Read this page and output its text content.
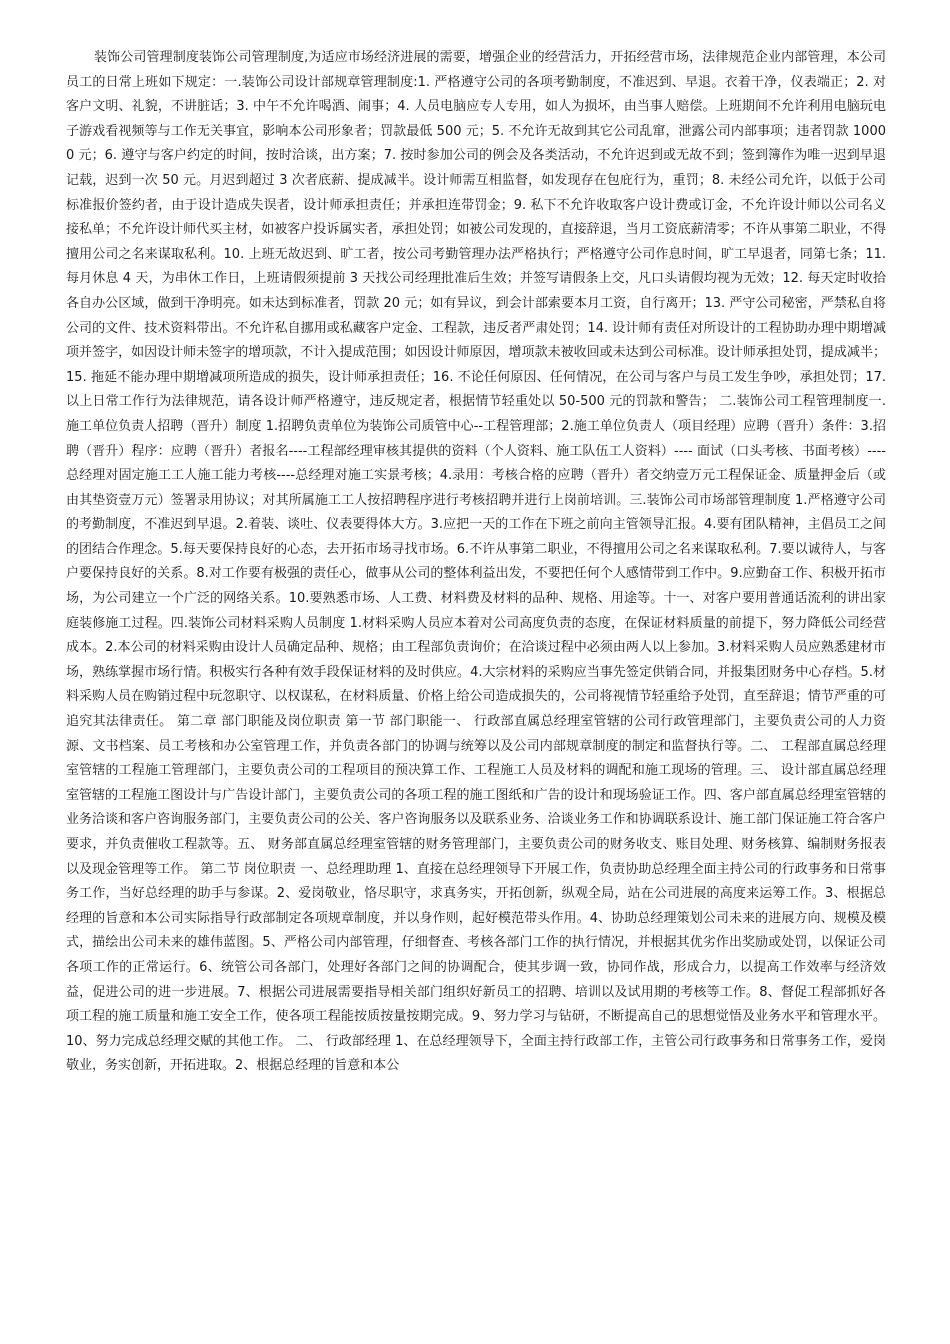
装饰公司管理制度装饰公司管理制度,为适应市场经济进展的需要，增强企业的经营活力，开拓经营市场，法律规范企业内部管理，本公司员工的日常上班如下规定：一.装饰公司设计部规章管理制度:1. 严格遵守公司的各项考勤制度，不准迟到、早退。衣着干净，仪表端正；2. 对客户文明、礼貌，不讲脏话；3. 中午不允许喝酒、闹事；4. 人员电脑应专人专用，如人为损坏，由当事人赔偿。上班期间不允许利用电脑玩电子游戏看视频等与工作无关事宜，影响本公司形象者；罚款最低 500 元；5. 不允许无故到其它公司乱窜，泄露公司内部事项；违者罚款 10000 元；6. 遵守与客户约定的时间，按时洽谈，出方案；7. 按时参加公司的例会及各类活动，不允许迟到或无故不到；签到簿作为唯一迟到早退记载，迟到一次 50 元。月迟到超过 3 次者底薪、提成减半。设计师需互相监督，如发现存在包庇行为，重罚；8. 未经公司允许，以低于公司标准报价签约者，由于设计造成失误者，设计师承担责任；并承担连带罚金；9. 私下不允许收取客户设计费或订金，不允许设计师以公司名义接私单；不允许设计师代买主材，如被客户投诉属实者，承担处罚；如被公司发现的，直接辞退，当月工资底薪清零；不许从事第二职业，不得擅用公司之名来谋取私利。10. 上班无故迟到、旷工者，按公司考勤管理办法严格执行；严格遵守公司作息时间，旷工早退者，同第七条；11. 每月休息 4 天，为串休工作日，上班请假须提前 3 天找公司经理批准后生效；并签写请假条上交，凡口头请假均视为无效；12. 每天定时收拾各自办公区域，做到干净明亮。如未达到标准者，罚款 20 元；如有异议，到会计部索要本月工资，自行离开；13. 严守公司秘密，严禁私自将公司的文件、技术资料带出。不允许私自挪用或私藏客户定金、工程款，违反者严肃处罚；14. 设计师有责任对所设计的工程协助办理中期增减项并签字，如因设计师未签字的增项款，不计入提成范围；如因设计师原因，增项款未被收回或未达到公司标准。设计师承担处罚，提成减半；15. 拖延不能办理中期增减项所造成的损失，设计师承担责任；16. 不论任何原因、任何情况，在公司与客户与员工发生争吵，承担处罚；17. 以上日常工作行为法律规范，请各设计师严格遵守，违反规定者，根据情节轻重处以 50-500 元的罚款和警告； 二.装饰公司工程管理制度一.施工单位负责人招聘（晋升）制度 1.招聘负责单位为装饰公司质管中心--工程管理部；2.施工单位负责人（项目经理）应聘（晋升）条件：3.招聘（晋升）程序：应聘（晋升）者报名----工程部经理审核其提供的资料（个人资料、施工队伍工人资料）---- 面试（口头考核、书面考核）----总经理对固定施工工人施工能力考核----总经理对施工实景考核；4.录用：考核合格的应聘（晋升）者交纳壹万元工程保证金、质量押金后（或由其垫资壹万元）签署录用协议；对其所属施工工人按招聘程序进行考核招聘并进行上岗前培训。三.装饰公司市场部管理制度 1.严格遵守公司的考勤制度，不准迟到早退。2.着装、谈吐、仪表要得体大方。3.应把一天的工作在下班之前向主管领导汇报。4.要有团队精神，主倡员工之间的团结合作理念。5.每天要保持良好的心态，去开拓市场寻找市场。6.不许从事第二职业，不得擅用公司之名来谋取私利。7.要以诚待人，与客户要保持良好的关系。8.对工作要有极强的责任心，做事从公司的整体利益出发，不要把任何个人感情带到工作中。9.应勤奋工作、积极开拓市场，为公司建立一个广泛的网络关系。10.要熟悉市场、人工费、材料费及材料的品种、规格、用途等。十一、对客户要用普通话流利的讲出家庭装修施工过程。四.装饰公司材料采购人员制度 1.材料采购人员应本着对公司高度负责的态度，在保证材料质量的前提下，努力降低公司经营成本。2.本公司的材料采购由设计人员确定品种、规格；由工程部负责询价；在洽谈过程中必须由两人以上参加。3.材料采购人员应熟悉建材市场，熟练掌握市场行情。积极实行各种有效手段保证材料的及时供应。4.大宗材料的采购应当事先签定供销合同，并报集团财务中心存档。5.材料采购人员在购销过程中玩忽职守、以权谋私，在材料质量、价格上给公司造成损失的，公司将视情节轻重给予处罚，直至辞退；情节严重的可追究其法律责任。 第二章 部门职能及岗位职责 第一节 部门职能一、 行政部直属总经理室管辖的公司行政管理部门，主要负责公司的人力资源、文书档案、员工考核和办公室管理工作，并负责各部门的协调与统筹以及公司内部规章制度的制定和监督执行等。二、 工程部直属总经理室管辖的工程施工管理部门，主要负责公司的工程项目的预决算工作、工程施工人员及材料的调配和施工现场的管理。三、 设计部直属总经理室管辖的工程施工图设计与广告设计部门，主要负责公司的各项工程的施工图纸和广告的设计和现场验证工作。四、客户部直属总经理室管辖的业务洽谈和客户咨询服务部门，主要负责公司的公关、客户咨询服务以及联系业务、洽谈业务工作和协调联系设计、施工部门保证施工符合客户要求，并负责催收工程款等。五、 财务部直属总经理室管辖的财务管理部门，主要负责公司的财务收支、账目处理、财务核算、编制财务报表以及现金管理等工作。 第二节 岗位职责 一、总经理助理 1、直接在总经理领导下开展工作，负责协助总经理全面主持公司的行政事务和日常事务工作，当好总经理的助手与参谋。2、爱岗敬业，恪尽职守，求真务实，开拓创新，纵观全局，站在公司进展的高度来运筹工作。3、根据总经理的旨意和本公司实际指导行政部制定各项规章制度，并以身作则，起好模范带头作用。4、协助总经理策划公司未来的进展方向、规模及模式，描绘出公司未来的雄伟蓝图。5、严格公司内部管理，仔细督查、考核各部门工作的执行情况，并根据其优劣作出奖励或处罚，以保证公司各项工作的正常运行。6、统管公司各部门，处理好各部门之间的协调配合，使其步调一致，协同作战，形成合力，以提高工作效率与经济效益，促进公司的进一步进展。7、根据公司进展需要指导相关部门组织好新员工的招聘、培训以及试用期的考核等工作。8、督促工程部抓好各项工程的施工质量和施工安全工作，使各项工程能按质按量按期完成。9、努力学习与钻研，不断提高自己的思想觉悟及业务水平和管理水平。10、努力完成总经理交赋的其他工作。 二、 行政部经理 1、在总经理领导下，全面主持行政部工作，主管公司行政事务和日常事务工作，爱岗敬业，务实创新，开拓进取。2、根据总经理的旨意和本公
